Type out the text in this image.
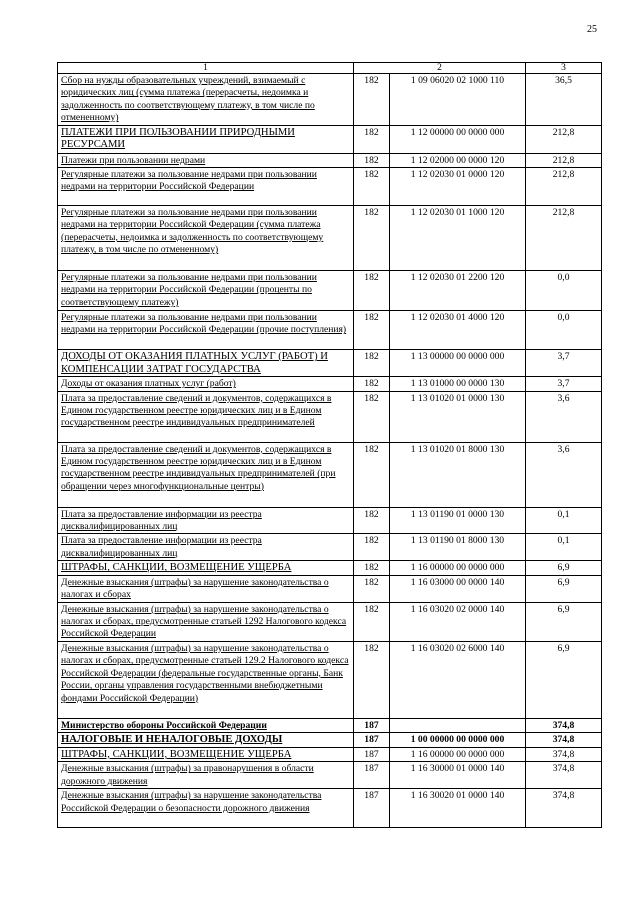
25
1	2		3
Сбор на нужды образовательных учреждений, взимаемый с юридических лиц (сумма платежа (перерасчеты, недоимка и задолженность по соответствующему платежу, в том числе по отмененному)	182	1 09 06020 02 1000 110	36,5
ПЛАТЕЖИ ПРИ ПОЛЬЗОВАНИИ ПРИРОДНЫМИ РЕСУРСАМИ	182	1 12 00000 00 0000 000	212,8
Платежи при пользовании недрами	182	1 12 02000 00 0000 120	212,8
Регулярные платежи за пользование недрами при пользовании недрами на территории Российской Федерации	182	1 12 02030 01 0000 120	212,8
Регулярные платежи за пользование недрами при пользовании недрами на территории Российской Федерации (сумма платежа (перерасчеты, недоимка и задолженность по соответствующему платежу, в том числе по отмененному)	182	1 12 02030 01 1000 120	212,8
Регулярные платежи за пользование недрами при пользовании недрами на территории Российской Федерации (проценты по соответствующему платежу)	182	1 12 02030 01 2200 120	0,0
Регулярные платежи за пользование недрами при пользовании недрами на территории Российской Федерации (прочие поступления)	182	1 12 02030 01 4000 120	0,0
ДОХОДЫ ОТ ОКАЗАНИЯ ПЛАТНЫХ УСЛУГ (РАБОТ) И КОМПЕНСАЦИИ ЗАТРАТ ГОСУДАРСТВА	182	1 13 00000 00 0000 000	3,7
Доходы от оказания платных услуг (работ)	182	1 13 01000 00 0000 130	3,7
Плата за предоставление сведений и документов, содержащихся в Едином государственном реестре юридических лиц и в Едином государственном реестре индивидуальных предпринимателей	182	1 13 01020 01 0000 130	3,6
Плата за предоставление сведений и документов, содержащихся в Едином государственном реестре юридических лиц и в Едином государственном реестре индивидуальных предпринимателей (при обращении через многофункциональные центры)	182	1 13 01020 01 8000 130	3,6
Плата за предоставление информации из реестра дисквалифицированных лиц	182	1 13 01190 01 0000 130	0,1
Плата за предоставление информации из реестра дисквалифицированных лиц	182	1 13 01190 01 8000 130	0,1
ШТРАФЫ, САНКЦИИ, ВОЗМЕЩЕНИЕ УЩЕРБА	182	1 16 00000 00 0000 000	6,9
Денежные взыскания (штрафы) за нарушение законодательства о налогах и сборах	182	1 16 03000 00 0000 140	6,9
Денежные взыскания (штрафы) за нарушение законодательства о налогах и сборах, предусмотренные статьей 1292 Налогового кодекса Российской Федерации	182	1 16 03020 02 0000 140	6,9
Денежные взыскания (штрафы) за нарушение законодательства о налогах и сборах, предусмотренные статьей 129.2 Налогового кодекса Российской Федерации (федеральные государственные органы, Банк России, органы управления государственными внебюджетными фондами Российской Федерации)	182	1 16 03020 02 6000 140	6,9
Министерство обороны Российской Федерации	187		374,8
НАЛОГОВЫЕ И НЕНАЛОГОВЫЕ ДОХОДЫ	187	1 00 00000 00 0000 000	374,8
ШТРАФЫ, САНКЦИИ, ВОЗМЕЩЕНИЕ УЩЕРБА	187	1 16 00000 00 0000 000	374,8
Денежные взыскания (штрафы) за правонарушения в области дорожного движения	187	1 16 30000 01 0000 140	374,8
Денежные взыскания (штрафы) за нарушение законодательства Российской Федерации о безопасности дорожного движения	187	1 16 30020 01 0000 140	374,8
